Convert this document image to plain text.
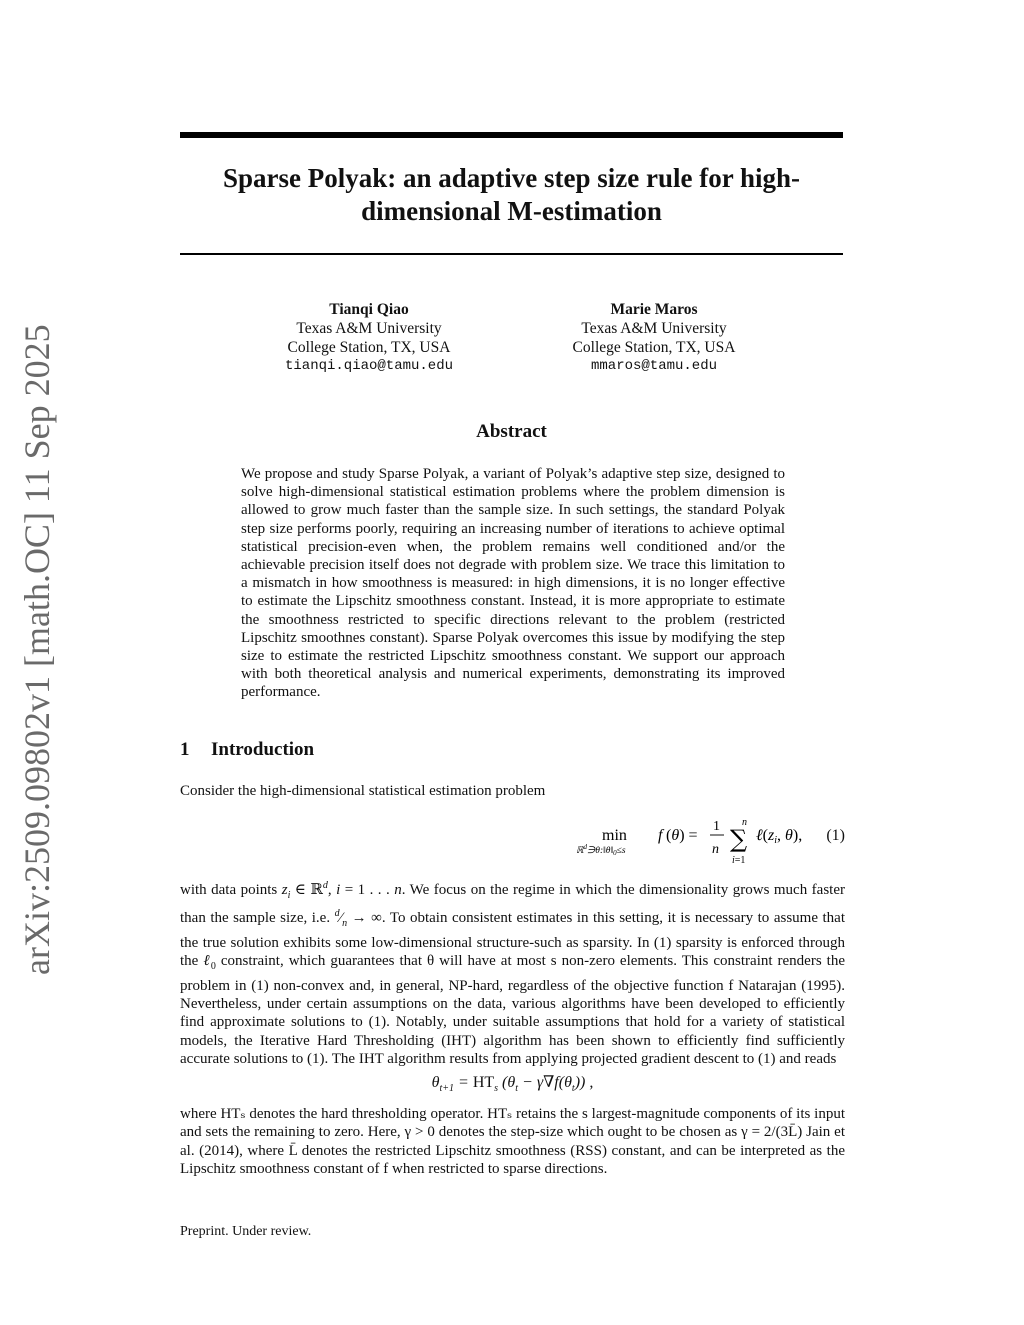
arXiv:2509.09802v1 [math.OC] 11 Sep 2025
Sparse Polyak: an adaptive step size rule for high-dimensional M-estimation
Tianqi Qiao
Texas A&M University
College Station, TX, USA
tianqi.qiao@tamu.edu
Marie Maros
Texas A&M University
College Station, TX, USA
mmaros@tamu.edu
Abstract
We propose and study Sparse Polyak, a variant of Polyak’s adaptive step size, designed to solve high-dimensional statistical estimation problems where the problem dimension is allowed to grow much faster than the sample size. In such settings, the standard Polyak step size performs poorly, requiring an increasing number of iterations to achieve optimal statistical precision-even when, the problem remains well conditioned and/or the achievable precision itself does not degrade with problem size. We trace this limitation to a mismatch in how smoothness is measured: in high dimensions, it is no longer effective to estimate the Lipschitz smoothness constant. Instead, it is more appropriate to estimate the smoothness restricted to specific directions relevant to the problem (restricted Lipschitz smoothnes constant). Sparse Polyak overcomes this issue by modifying the step size to estimate the restricted Lipschitz smoothness constant. We support our approach with both theoretical analysis and numerical experiments, demonstrating its improved performance.
1 Introduction
Consider the high-dimensional statistical estimation problem
min
$ℝ^d∋\theta:‖\theta‖_0\le s$
f (θ) =
1
n
n
∑
i=1
ℓ(zi, θ), (1)
with data points $z_i$ ∈ ℝ$^d$, i = 1 . . . n. We focus on the regime in which the dimensionality grows much faster than the sample size, i.e. $^d⁄_n$ → ∞. To obtain consistent estimates in this setting, it is necessary to assume that the true solution exhibits some low-dimensional structure-such as sparsity. In (1) sparsity is enforced through the ℓ$_0$ constraint, which guarantees that θ will have at most s non-zero elements. This constraint renders the problem in (1) non-convex and, in general, NP-hard, regardless of the objective function f Natarajan (1995). Nevertheless, under certain assumptions on the data, various algorithms have been developed to efficiently find approximate solutions to (1). Notably, under suitable assumptions that hold for a variety of statistical models, the Iterative Hard Thresholding (IHT) algorithm has been shown to efficiently find sufficiently accurate solutions to (1). The IHT algorithm results from applying projected gradient descent to (1) and reads
$\theta_{t+1} = HT_s$ $(\theta_t - \gamma\nabla f(\theta_t))$ ,
where HTₛ denotes the hard thresholding operator. HTₛ retains the s largest-magnitude components of its input and sets the remaining to zero. Here, γ > 0 denotes the step-size which ought to be chosen as γ = 2/(3L̄) Jain et al. (2014), where L̄ denotes the restricted Lipschitz smoothness (RSS) constant, and can be interpreted as the Lipschitz smoothness constant of f when restricted to sparse directions.
Preprint. Under review.
